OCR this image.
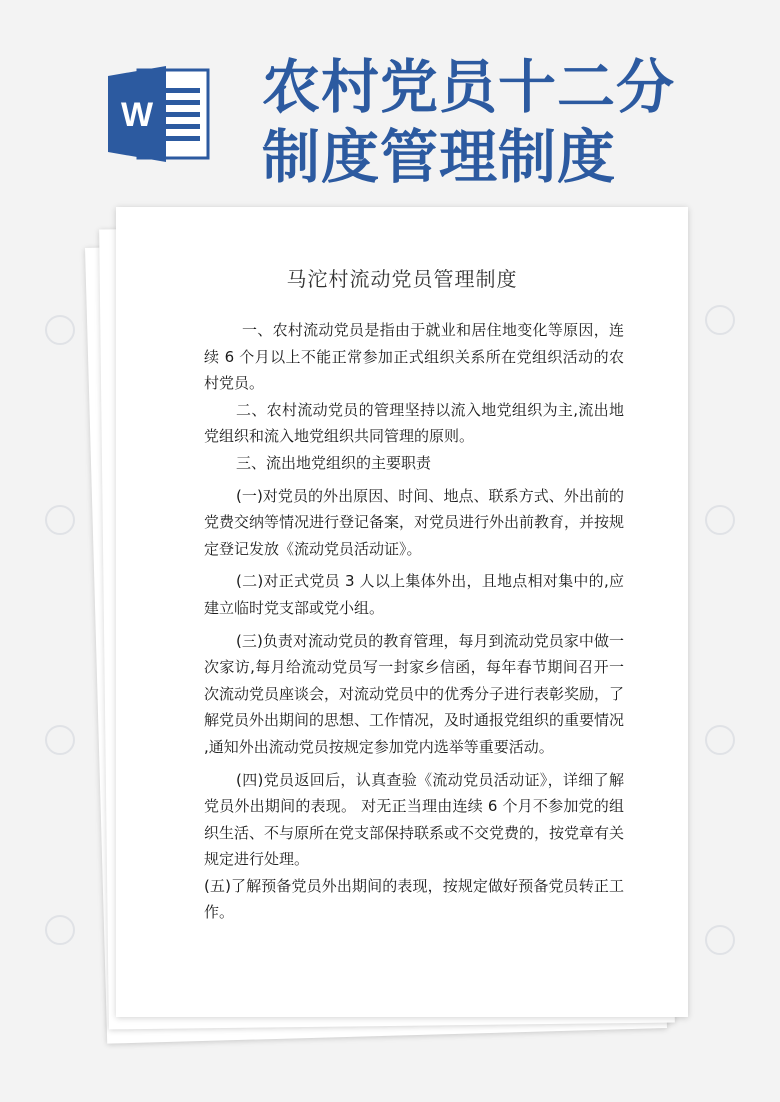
W 农村党员十二分制度管理制度
马沱村流动党员管理制度

一、农村流动党员是指由于就业和居住地变化等原因，连续 6 个月以上不能正常参加正式组织关系所在党组织活动的农村党员。

二、农村流动党员的管理坚持以流入地党组织为主,流出地党组织和流入地党组织共同管理的原则。

三、流出地党组织的主要职责

(一)对党员的外出原因、时间、地点、联系方式、外出前的党费交纳等情况进行登记备案，对党员进行外出前教育，并按规定登记发放《流动党员活动证》。

(二)对正式党员 3 人以上集体外出，且地点相对集中的,应建立临时党支部或党小组。

(三)负责对流动党员的教育管理，每月到流动党员家中做一次家访,每月给流动党员写一封家乡信函，每年春节期间召开一次流动党员座谈会，对流动党员中的优秀分子进行表彰奖励，了解党员外出期间的思想、工作情况，及时通报党组织的重要情况 ,通知外出流动党员按规定参加党内选举等重要活动。

(四)党员返回后，认真查验《流动党员活动证》，详细了解党员外出期间的表现。 对无正当理由连续 6 个月不参加党的组织生活、不与原所在党支部保持联系或不交党费的，按党章有关规定进行处理。

(五)了解预备党员外出期间的表现，按规定做好预备党员转正工作。
